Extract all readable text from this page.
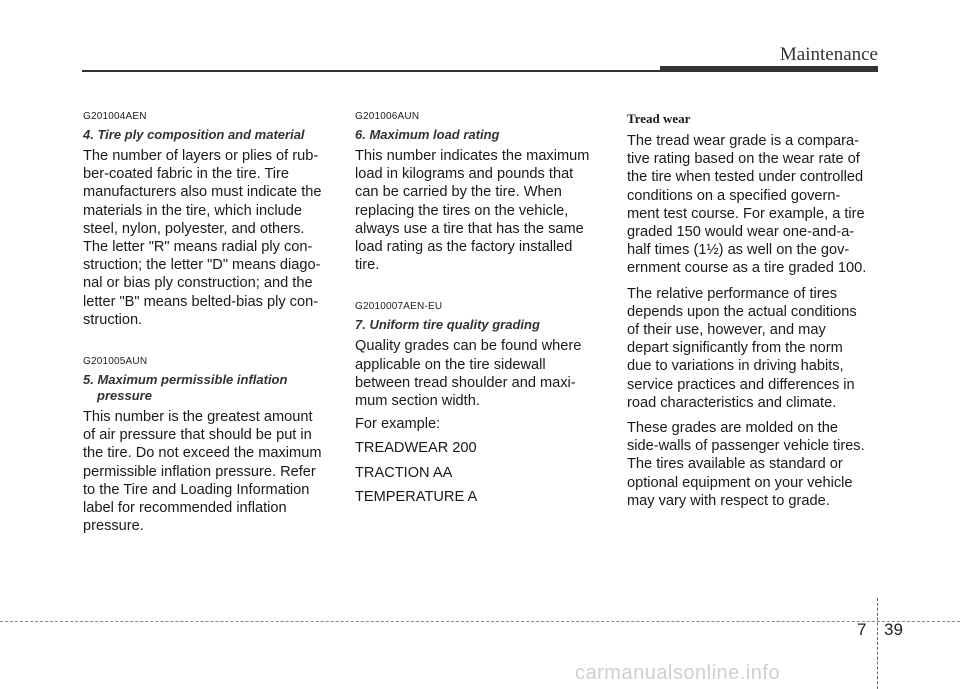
Maintenance
G201004AEN
4. Tire ply composition and material
The number of layers or plies of rub-
ber-coated fabric in the tire. Tire
manufacturers also must indicate the
materials in the tire, which include
steel, nylon, polyester, and others.
The letter "R" means radial ply con-
struction; the letter "D" means diago-
nal or bias ply construction; and the
letter "B" means belted-bias ply con-
struction.
G201005AUN
5. Maximum permissible inflation
pressure
This number is the greatest amount
of air pressure that should be put in
the tire. Do not exceed the maximum
permissible inflation pressure. Refer
to the Tire and Loading Information
label for recommended inflation
pressure.
G201006AUN
6. Maximum load rating
This number indicates the maximum
load in kilograms and pounds that
can be carried by the tire. When
replacing the tires on the vehicle,
always use a tire that has the same
load rating as the factory installed
tire.
G2010007AEN-EU
7. Uniform tire quality grading
Quality grades can be found where
applicable on the tire sidewall
between tread shoulder and maxi-
mum section width.
For example:
TREADWEAR 200
TRACTION AA
TEMPERATURE A
Tread wear
The tread wear grade is a compara-
tive rating based on the wear rate of
the tire when tested under controlled
conditions on a specified govern-
ment test course. For example, a tire
graded 150 would wear one-and-a-
half times (1½) as well on the gov-
ernment course as a tire graded 100.
The relative performance of tires
depends upon the actual conditions
of their use, however, and may
depart significantly from the norm
due to variations in driving habits,
service practices and differences in
road characteristics and climate.
These grades are molded on the
side-walls of passenger vehicle tires.
The tires available as standard or
optional equipment on your vehicle
may vary with respect to grade.
7 39
carmanualsonline.info
